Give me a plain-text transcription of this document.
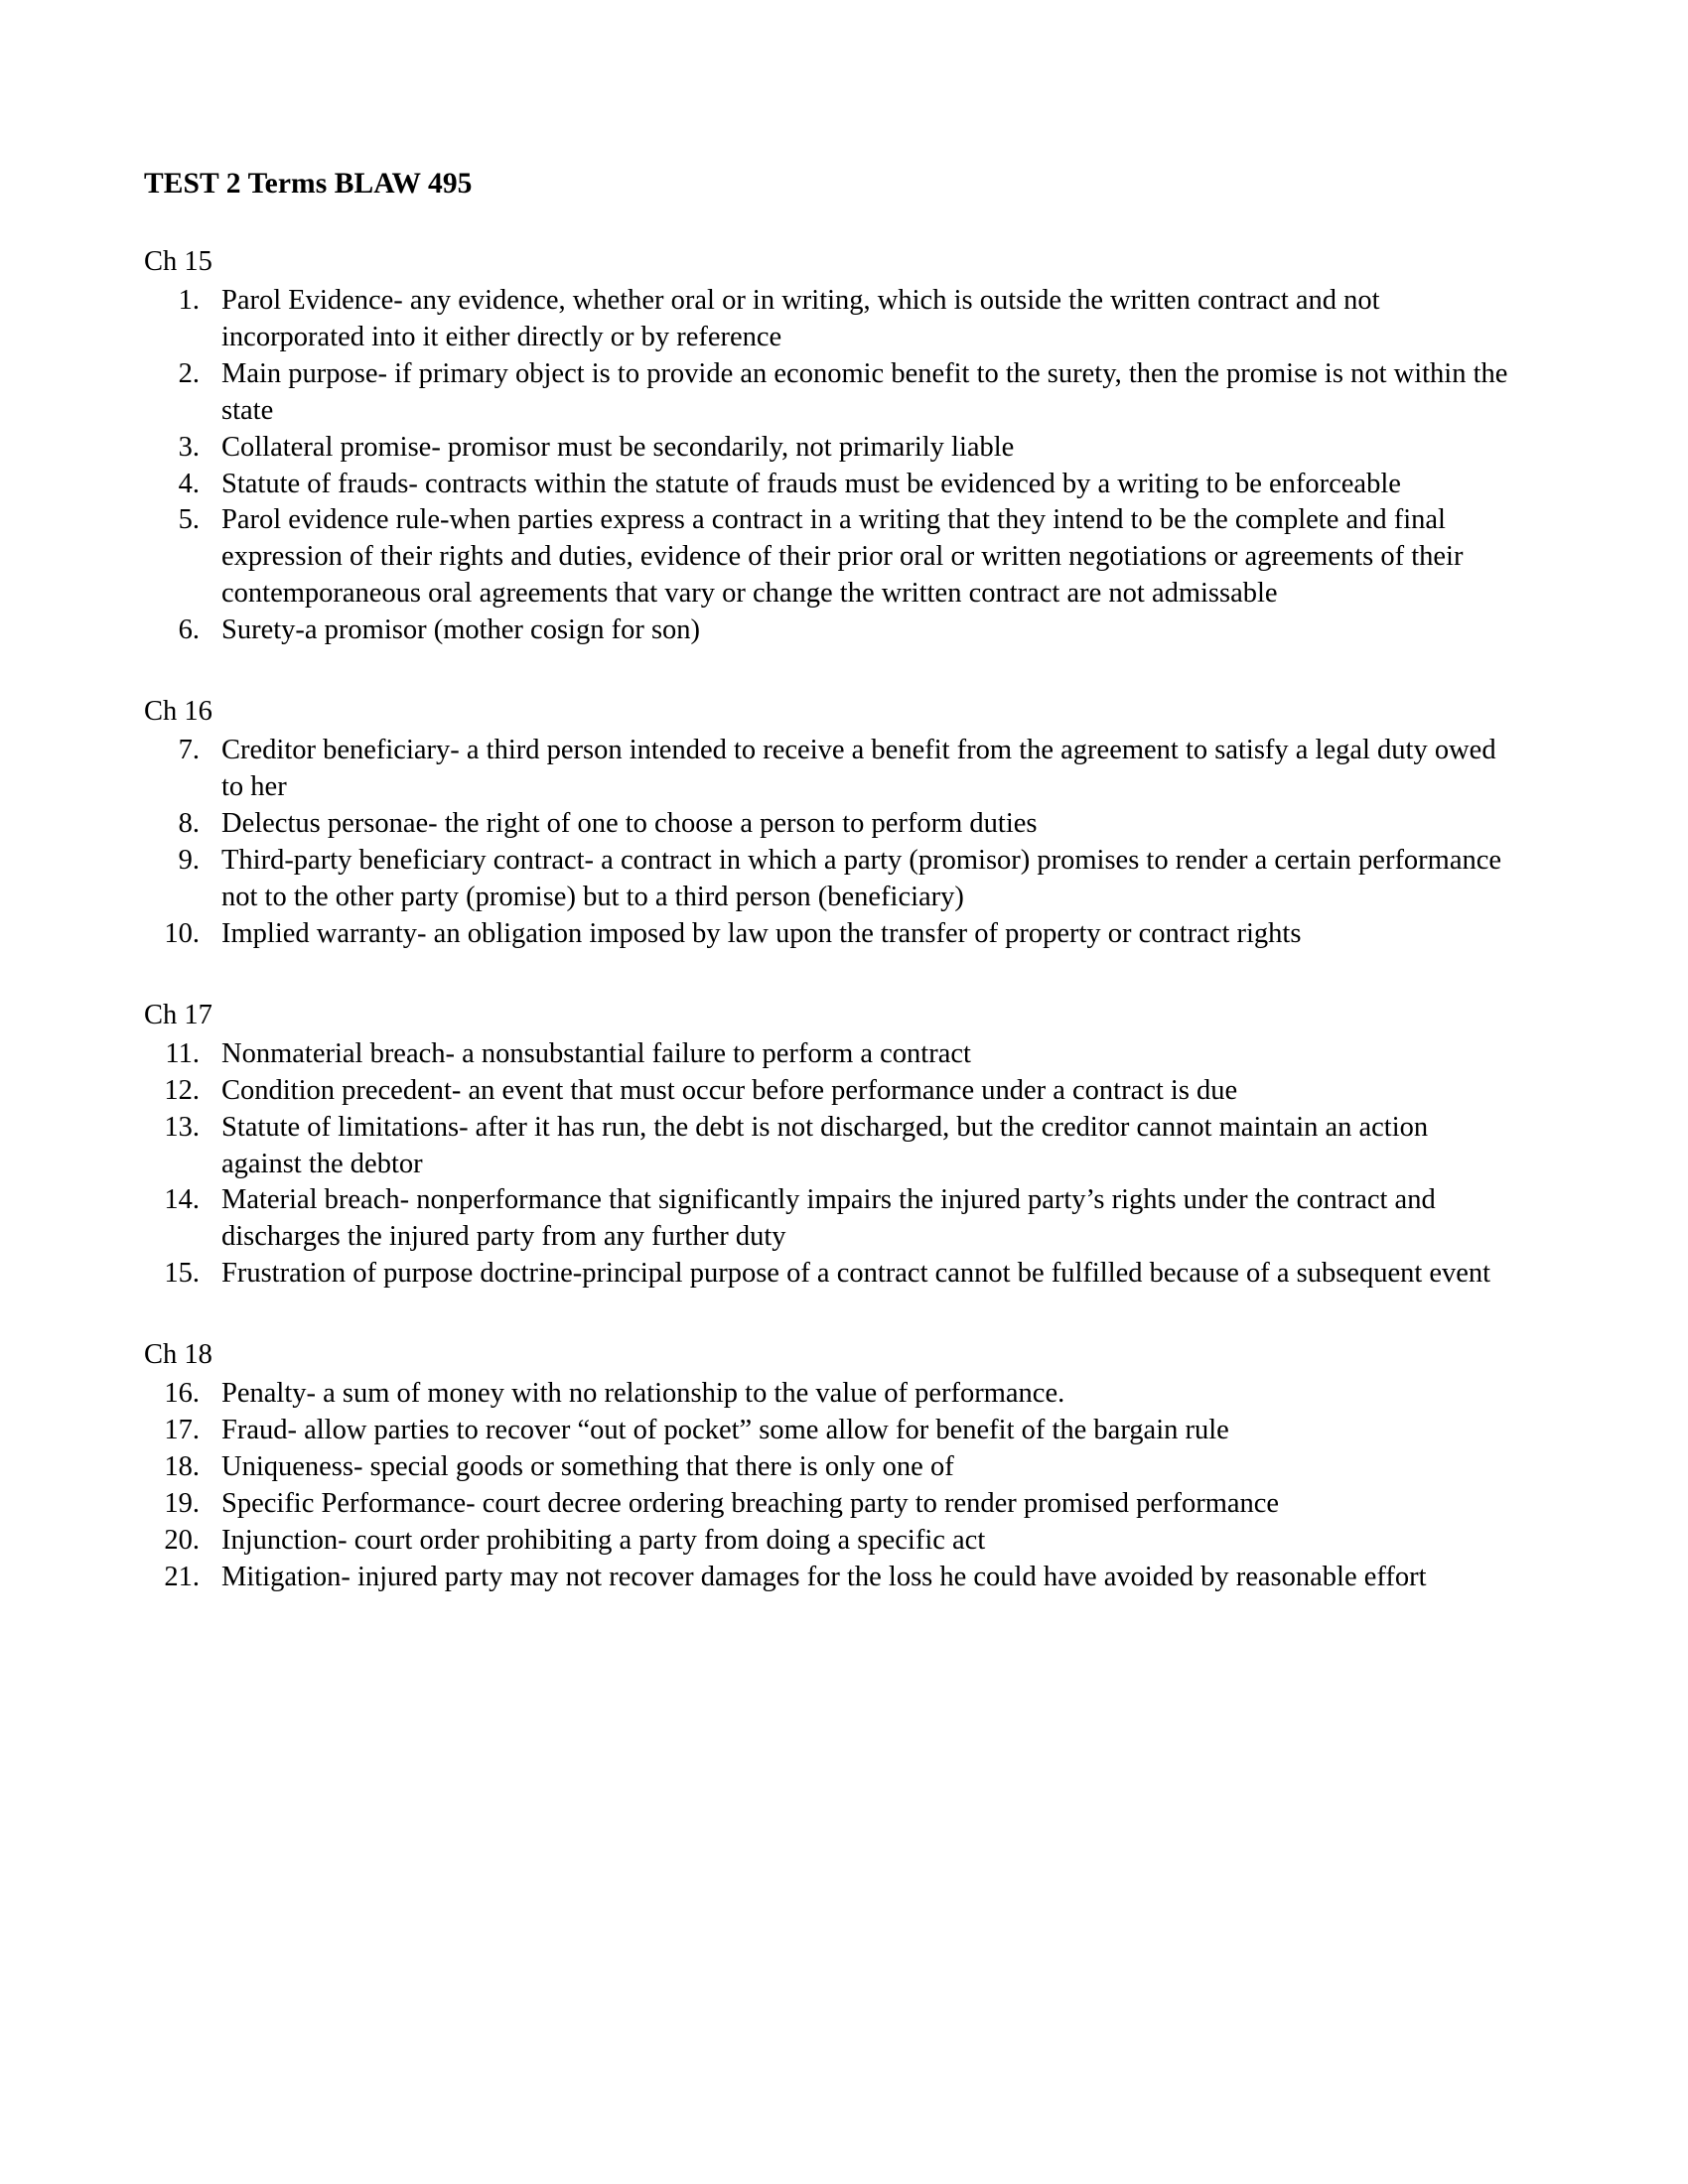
TEST 2 Terms BLAW 495
Ch 15
1. Parol Evidence- any evidence, whether oral or in writing, which is outside the written contract and not incorporated into it either directly or by reference
2. Main purpose- if primary object is to provide an economic benefit to the surety, then the promise is not within the state
3. Collateral promise- promisor must be secondarily, not primarily liable
4. Statute of frauds- contracts within the statute of frauds must be evidenced by a writing to be enforceable
5. Parol evidence rule-when parties express a contract in a writing that they intend to be the complete and final expression of their rights and duties, evidence of their prior oral or written negotiations or agreements of their contemporaneous oral agreements that vary or change the written contract are not admissable
6. Surety-a promisor (mother cosign for son)
Ch 16
7. Creditor beneficiary- a third person intended to receive a benefit from the agreement to satisfy a legal duty owed to her
8. Delectus personae- the right of one to choose a person to perform duties
9. Third-party beneficiary contract- a contract in which a party (promisor) promises to render a certain performance not to the other party (promise) but to a third person (beneficiary)
10. Implied warranty- an obligation imposed by law upon the transfer of property or contract rights
Ch 17
11. Nonmaterial breach- a nonsubstantial failure to perform a contract
12. Condition precedent- an event that must occur before performance under a contract is due
13. Statute of limitations- after it has run, the debt is not discharged, but the creditor cannot maintain an action against the debtor
14. Material breach- nonperformance that significantly impairs the injured party’s rights under the contract and discharges the injured party from any further duty
15. Frustration of purpose doctrine-principal purpose of a contract cannot be fulfilled because of a subsequent event
Ch 18
16. Penalty- a sum of money with no relationship to the value of performance.
17. Fraud- allow parties to recover “out of pocket” some allow for benefit of the bargain rule
18. Uniqueness- special goods or something that there is only one of
19. Specific Performance- court decree ordering breaching party to render promised performance
20. Injunction- court order prohibiting a party from doing a specific act
21. Mitigation- injured party may not recover damages for the loss he could have avoided by reasonable effort
